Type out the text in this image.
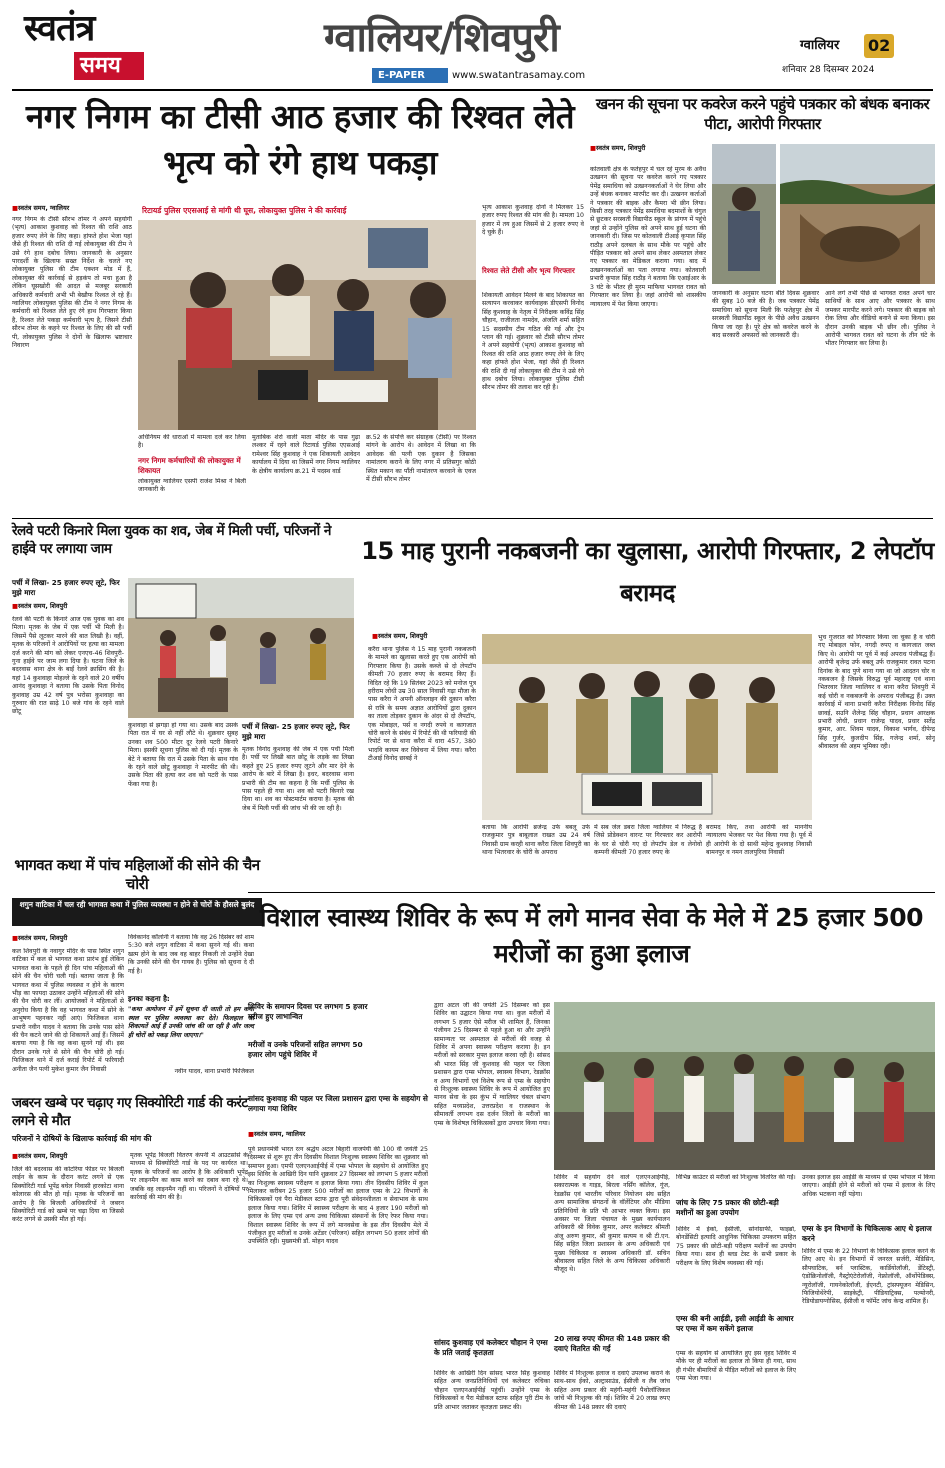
स्वतंत्र
समय
ग्वालियर/शिवपुरी
E-PAPER	www.swatantrasamay.com
ग्वालियर 02
शनिवार 28 दिसम्बर 2024
नगर निगम का टीसी आठ हजार की रिश्वत लेते भृत्य को रंगे हाथ पकड़ा
■ स्वतंत्र समय, ग्वालियर
नगर निगम के टीसी सौरभ तोमर ने अपने सहयोगी (भृत्य) आकाश कुशवाह को रिश्वत की राशि आठ हजार रुपए लेने के लिए कहा। हांफते होश भेजा यहां जैसे ही रिश्वत की राशि दी गई लोकायुक्त की टीम ने उसे रंगे हाथ दबोच लिया। जानकारी के अनुसार पारदर्शी के खिलाफ सख्त निर्देश के चलते नए लोकायुक्त पुलिस की टीम एक्शन मोड में हैं, लोकायुक्त की कार्रवाई से हड़कंप तो मचा हुआ है लेकिन घूसखोरी की आदत से मजबूर सरकारी अधिकारी कर्मचारी अभी भी बेखौफ रिश्वत ले रहे हैं। ग्वालियर लोकायुक्त पुलिस की टीम ने नगर निगम के कर्मचारी को रिश्वत लेते हुए रंगे हाथ गिरफ्तार किया है, रिश्वत लेते पकड़ा कर्मचारी भृत्य है, जिसने टीसी सौरभ तोमर के कहने पर रिश्वत के लिए की सौ पर्ची पी, लोकायुक्त पुलिस ने दोनों के खिलाफ भ्रष्टाचार निवारण
रिटायर्ड पुलिस एएसआई से मांगी थी घूस, लोकायुक्त पुलिस ने की कार्रवाई
अधिनियम की धाराओं में मामला दर्ज कर लिया है।
नगर निगम कर्मचारियों की लोकायुक्त में शिकायत
लोकायुक्त ग्वालियर एसपी राजेश मिश्रा ने बिली जानकारी के
मुताबिक शेरो वाली माता मंदिर के पास गुढ़ा लश्कर में रहने वाले रिटायर्ड पुलिस एएसआई रामेश्वर सिंह कुशवाह ने एक शिकायती आवेदन कार्यालय में दिया था जिसमें नगर निगम ग्वालियर के क्षेत्रीय कार्यालय क्र.21 में पदस्थ वार्ड
क्र.52 के संपत्ति कर संग्राहक (टीसी) पर रिश्वत मांगने के आरोप थे। आवेदन में लिखा था कि आवेदक की पत्नी एक दुकान है जिसका नामांतरण कराने के लिए नगर में प्रतिसगुर कोठी स्थित मकान का पाँती नामांतरण करवाने के एवज में टीसी सौरभ तोमर
भृत्य आकाश कुशवाह दोनों ने मिलकर 15 हजार रुपए रिश्वत की मांग की है। मामला 10 हजार में तय हुआ जिसमें से 2 हजार रुपए वे दे चुके हैं।
रिश्वत लेते टीसी और भृत्य गिरफ्तार
शिकायती आवेदन मिलने के बाद शिकायत का सत्यापन करवाकर कार्यवाहक डीएसपी विनोद सिंह कुशवाह के नेतृत्व में निरीक्षक कविंद्र सिंह चौहान, राजीलता नामदेव, अंजलि शर्मा सहित 15 सदस्यीय टीम गठित की गई और ट्रेप प्लान की गई। शुक्रवार को टीसी सौरभ तोमर ने अपने सहयोगी (भृत्य) आकाश कुशवाह को रिश्वत की राशि आठ हजार रुपए लेने के लिए कहा हांफते होश भेजा, यहां जैसे ही रिश्वत की राशि दी गई लोकायुक्त की टीम ने उसे रंगे हाथ दबोच लिया। लोकायुक्त पुलिस टीसी सौरभ तोमर की तलाश कर रही है।
खनन की सूचना पर कवरेज करने पहुंचे पत्रकार को बंधक बनाकर पीटा, आरोपी गिरफ्तार
■ स्वतंत्र समय, शिवपुरी
कोतवाली क्षेत्र के फतेहपुर में चल रहे मुरम के अवैध उत्खनन की सूचना पर कवरेज करने गए पत्रकार पेमेंद्र समाधिया को उत्खननकर्ताओं ने घेर लिया और उन्हें बंधक बनाकर मारपीट कर दी। उत्खनन कर्ताओं ने पत्रकार की बाइक और कैमरा भी छीन लिया। किसी तरह पत्रकार पेमेंद्र समाधिया बदमाशों के चंगुल से छूटकर सरस्वती विद्यापीठ स्कूल के प्रांगण में पहुंचे जहां से उन्होंने पुलिस को अपने साथ हुई घटना की जानकारी दी। जिस पर कोतवाली टीआई कृपाल सिंह राठौड़ अपने दलबल के साथ मौके पर पहुंचे और पीड़ित पत्रकार को अपने साथ लेकर अस्पताल लेकर गए पत्रकार का मेडिकल कराया गया। बाद में उत्खननकर्ताओं का पता लगाया गया। कोतवाली प्रभारी कृपाल सिंह राठौड़ ने बताया कि एआईआर के 3 घंटे के भीतर ही मुरम माफिया भागवत रावत को गिरफ्तार कर लिया है। जहां आरोपी को शासकीय न्यायालय में पेश किया जाएगा।
जानकारी के अनुसार घटना बीते दिवस शुक्रवार की सुबह 10 बजे की है। जब पत्रकार पेमेंद्र समाधिया को सूचना मिली कि फतेहपुर क्षेत्र में सरस्वती विद्यापीठ स्कूल के पीछे अवैध उत्खनन किया जा रहा है। पूरे क्षेत्र को कवरेज करने के बाद सरकारी अफसरों को जानकारी दी।
आने लगे तभी पीछे से भागवत रावत अपने चार साथियों के साथ आए और पत्रकार के साथ जमकर मारपीट करने लगे। पत्रकार की बाइक को रोक लिया और वीडियो बनाने से मना किया। इस दौरान उनकी बाइक भी छीन ली। पुलिस ने आरोपी भागवत रावत को घटना के तीन घंटे के भीतर गिरफ्तार कर लिया है।
रेलवे पटरी किनारे मिला युवक का शव, जेब में मिली पर्ची, परिजनों ने हाईवे पर लगाया जाम
पर्ची में लिखा- 25 हजार रुपए लूटे, फिर मुझे मारा
■ स्वतंत्र समय, शिवपुरी
रेलवे की पटरी के किनारे आज एक युवक का शव मिला। मृतक के जेब में एक पर्ची भी मिली है। जिसमें पैसे लूटकर मारने की बात लिखी है। वहीं, मृतक के परिजनों ने आरोपियों पर हत्या का मामला दर्ज करने की मांग को लेकर एनएच-46 शिवपुरी-गुना हाईवे पर जाम लगा दिया है। घटना जिले के बदरवास थाना क्षेत्र के बाईं रेलवे क्रासिंग की है। यहां 14 कुशवाहा मोहल्ले के रहने वाले 20 वर्षीय आनंद कुशवाहा ने बताया कि उसके पिता विनोद कुशवाह उम्र 42 वर्ष पुत्र भरोसा कुशवाहा का गुरुवार की रात साढ़े 10 बजे गांव के रहने वाले छोटू
कुशवाहा से झगड़ा हो गया था। उसके बाद उसके पिता रात में घर से नहीं लौटे थे। शुक्रवार सुबह उनका शव 500 मीटर दूर रेलवे पटरी किनारे मिला। इसकी सूचना पुलिस को दी गई। मृतक के बेटे ने बताया कि रात में उसके पिता के साथ गांव के रहने वाले छोटू कुशवाहा ने मारपीट की थी। उसके पिता की हत्या कर शव को पटरी के पास फेंका गया है।
पर्ची में लिखा- 25 हजार रुपए लूटे, फिर मुझे मारा
मृतक विनोद कुशवाह की जेब में एक पर्ची मिली है। पर्ची पर लिखी बात छोटू के लड़के का लिखा कहते हुए 25 हजार रुपए लूटने और मार देने के आरोप के बारे में लिखा है। इधर, बदरवास थाना प्रभारी की टीम का कहना है कि मर्ची पुलिस के पास पहले ही गया था। शव को पटरी किनारे रख दिया था। शव का पोस्टमार्टम कराया है। मृतक की जेब में मिली पर्ची की जांच भी की जा रही है।
भागवत कथा में पांच महिलाओं की सोने की चैन चोरी
शगुन वाटिका में चल रही भागवत कथा में पुलिस व्यवस्था न होने से चोरों के हौसले बुलंद
■ स्वतंत्र समय, शिवपुरी
कल शिवपुरी के नवागुर मंदिर के पास स्थित शगुन वाटिका में कल से भागवत कथा प्रारंभ हुई लेकिन भागवत कथा के पहले ही दिन पांच महिलाओं की सोने की चैन चोरी चली गई। बताया जाता है कि भागवत कथा में पुलिस व्यवस्था न होने के कारण भीड़ का फायदा उठाकर उन्होंने महिलाओं की सोने की चैन चोरी कर लीं। आयोजकों ने महिलाओं से अनुरोध किया है कि वह भागवत कथा में सोने के आभूषण पहनकर नहीं आएं। फिजिकल थाना प्रभारी नवीन यादव ने बताया कि उनके पास सोने की चैन कटने जाने की दो शिकायतें आई हैं। जिसमें बताया गया है कि वह कथा सुनने गई थी। इस दौरान उनके गले से सोने की चैन चोरी हो गई। फिजिकल थाने में दर्ज कराई रिपोर्ट में फरियादी अनीता जैन पत्नी मुकेश कुमार जैन निवासी
विवेकानंद कॉलोनी ने बताया कि वह 26 दिसंबर को शाम 5:30 बजे शगुन वाटिका में कथा सुनने गई थी। कथा खत्म होने के बाद जब वह बाहर निकली तो उन्होंने देखा कि उनकी सोने की चैन गायब है। पुलिस को सूचना दे दी गई है।
इनका कहना है:
"कथा आयोजन में हमें सूचना दी जाती तो हम कथा स्थल पर पुलिस व्यवस्था कर देते। फिलहाल जो शिकायतें आई हैं उनकी जांच की जा रही है और जल्द ही चोरों को पकड़ लिया जाएगा।"
नवीन यादव, थाना प्रभारी फिजिकल
जबरन खम्बे पर चढ़ाए गए सिक्योरिटी गार्ड की करंट लगने से मौत
परिजनों ने दोषियों के खिलाफ कार्रवाई की मांग की
■ स्वतंत्र समय, शिवपुरी
जिले की बदरवास की कोटरिया फीडर पर बिजली लाईन के काम के दौरान करंट लगने से एक सिक्योरिटी गार्ड भूपेंद्र बघेल निवासी हारकोटा थाना कोलारस की मौत हो गई। मृतक के परिजनों का आरोप है कि बिजली अधिकारियों ने जबरन सिक्योरिटी गार्ड को खम्बे पर चढ़ा दिया था जिससे करंट लगने से उसकी मौत हो गई।
मृतक भूपेंद्र बिजली वितरण कंपनी में आउटसोर्स के माध्यम से सिक्योरिटी गार्ड के पद पर कार्यरत था। मृतक के परिजनों का आरोप है कि अधिकारी भूपेंद्र पर लाइनमैन का काम करने का दबाव बना रहे थे। जबकि वह लाइनमैन नहीं था। परिजनों ने दोषियों पर कार्रवाई की मांग की है।
15 माह पुरानी नकबजनी का खुलासा, आरोपी गिरफ्तार, 2 लेपटॉप बरामद
■ स्वतंत्र समय, शिवपुरी
करैरा थाना पुलिस ने 15 माह पुरानी नकबजनी के मामले का खुलासा करते हुए एक आरोपी को गिरफ्तार किया है। उसके कब्जे से दो लेपटॉप कीमती 70 हजार रुपए के बरामद किए हैं। विदित रहे कि 19 सितंबर 2023 को मनोज पुत्र हरीराम लोधी उम्र 30 साल निवासी गढ़ा मौजा के पास करैरा ने अपनी ऑनलाइन की दुकान करैरा से रात्रि के समय अज्ञात आरोपियों द्वारा दुकान का ताला तोड़कर दुकान के अंदर से दो लैपटॉप, एक मोबाइल, पर्स व नगदी रुपये व कागजात चोरी करने के संबंध में रिपोर्ट की थी फरियादी की रिपोर्ट पर से थाना करैरा में धारा 457, 380 भादवि कायम कर विवेचना में लिया गया। करैरा टीआई विनोद छाबई ने
बताया कि आरोपी ब्रजेन्द्र उर्फ बबलू उर्फ राजकुमार पुत्र बाबूलाल राखत उम्र 24 वर्ष निवासी ग्राम करही थाना करैरा जिला शिवपुरी का थाना भितरवार के चोरी के अपराध
में सब जेल डबरा जिला ग्वालियर में निरुद्ध है जिसे प्रोडेक्शन वारन्ट पर गिरफ्तार कर आरोपी के घर से चोरी गए दो लेपटॉप डेल व लेनोवो कम्पनी कीमती 70 हजार रुपए के
बरामद किए, तथा आरोपी को माननीय न्यायालय भेजकर पर पेश किया गया है। पूर्व में ही आरोपी के दो साथी महेन्द्र कुशवाह निवासी बामनपुर व नमन तालपुरिया निवासी
भुच गुजरात को गिरफ्तार किया जा चुका है व चोरी गए मोबाइल फोन, नगदी रुपए व कागजात जब्त किए थे। आरोपी पर पूर्व में कई अपराध पंजीबद्ध हैं। आरोपी बृजेन्द्र उर्फ बबलू उर्फ राजकुमार रावत पटना दिनांक के बाद पुणे थाना गया था जो आदतन चोर व नकबजन है जिसके विरुद्ध पूर्व महाराष्ट्र एवं थाना भितरवार जिला ग्वालियर व थाना करैरा शिवपुरी में कई चोरी व नकबजनी के अपराध पंजीबद्ध हैं। उक्त कार्रवाई में थाना प्रभारी करैरा निरीक्षक विनोद सिंह छावई, सउनि शैलेन्द्र सिंह चौहान, प्रधान आरक्षक प्रभारी लोधी, प्रधान राजेन्द्र यादव, प्रधार सतेंद्र कुमार, आर. शिवम यादव, विकाश भार्गव, दीपेन्द्र सिंह गुर्जर, कुलदीप सिंह, गजेन्द्र शर्मा, सोनू श्रीवास्तव की अहम भूमिका रही।
विशाल स्वास्थ्य शिविर के रूप में लगे मानव सेवा के मेले में 25 हजार 500 मरीजों का हुआ इलाज
शिविर के समापन दिवस पर लगभग 5 हजार मरीज हुए लाभान्वित
मरीजों व उनके परिजनों सहित लगभग 50 हजार लोग पहुंचे शिविर में
सांसद कुशवाह की पहल पर जिला प्रशासन द्वारा एम्स के सहयोग से लगाया गया शिविर
■ स्वतंत्र समय, ग्वालियर
पूर्व प्रधानमंत्री भारत रत्न श्रद्धेय अटल बिहारी वाजपेयी की 100 वीं जयंती 25 दिसम्बर से शुरू हुए तीन दिवसीय विशाल निःशुल्क स्वास्थ्य शिविर का शुक्रवार को समापन हुआ। एमपी एलएनआईपीई में एम्स भोपाल के सहयोग से आयोजित हुए इस शिविर के आखिरी दिन यानि शुक्रवार 27 दिसम्बर को लगभग 5 हजार मरीजों का निःशुल्क स्वास्थ्य परीक्षण व इलाज किया गया। तीन दिवसीय शिविर में कुल मिलाकर करीबन 25 हजार 500 मरीजों का इलाज एम्स के 22 विभागों के चिकित्सकों एवं पैरा मेडीकल स्टाफ द्वारा पूरी संवेदनशीलता व सेवाभाव के साथ इलाज किया गया। शिविर में स्वास्थ्य परीक्षण के बाद 4 हजार 190 मरीजों को इलाज के लिए एम्स एवं अन्य उच्च चिकित्सा संस्थानों के लिए रेफर किया गया। विशाल स्वास्थ्य शिविर के रूप में लगे मानवसेवा के इस तीन दिवसीय मेले में पंजीकृत हुए मरीजों व उनके अटेंडर (परिजन) सहित लगभग 50 हजार लोगों की उपस्थिति रही। मुख्यमंत्री डॉ. मोहन यादव
द्वारा अटल जी की जयंती 25 दिसम्बर को इस शिविर का उद्घाटन किया गया था। कुल मरीजों में लगभग 5 हजार ऐसे मरीज भी शामिल हैं, जिनका पंजीयन 25 दिसम्बर से पहले हुआ था और उन्होंने सामान्यतः पर अस्पताल से मरीजों की वजह से शिविर में अपना स्वास्थ्य परीक्षण कराया है। इन मरीजों को सरकार मुफ्त इलाज करवा रही है। सांसद श्री भारत सिंह जी कुशवाह की पहल पर जिला प्रशासन द्वारा एम्स भोपाल, स्वास्थ्य विभाग, रेडक्रॉस व अन्य विभागों एवं विशेष रूप से एम्स के सहयोग से निःशुल्क स्वास्थ्य शिविर के रूप में आयोजित हुए मानव सेवा के इस कुंभ में ग्वालियर चंबल संभाग सहित मध्यप्रदेश, उत्तरप्रदेश व राजस्थान के सीमावर्ती लगभग दस दर्जन जिलों के मरीजों का एम्स के विशेषज्ञ चिकित्सकों द्वारा उपचार किया गया।
सांसद कुशवाह एवं कलेक्टर चौहान ने एम्स के प्रति जताई कृतज्ञता
शिविर के आखिरी दिन सांसद भारत सिंह कुशवाह सहित अन्य जनप्रतिनिधियों एवं कलेक्टर रुचिका चौहान एलएनआईपीई पहुंचीं। उन्होंने एम्स के चिकित्सकों व पैरा मेडीकल स्टाफ सहित पूरी टीम के प्रति आभार जताकर कृतज्ञता प्रकट की।
शिविर में सहयोग देने वाले एलएनआईपीई, सकारात्मक व गाइड, बिरला नर्सिंग कॉलेज, गूंज, रेडक्रॉस एवं भारतीय परिवार नियोजन संघ सहित अन्य सामाजिक संगठनों के वॉलेंटियर और मीडिया प्रतिनिधियों के प्रति भी आभार व्यक्त किया। इस अवसर पर जिला पंचायत के मुख्य कार्यपालन अधिकारी श्री विवेक कुमार, अपर कलेक्टर श्रीमती अंजू अरुण कुमार, श्री कुमार सत्यम व श्री टी.एन. सिंह सहित जिला प्रशासन के अन्य अधिकारी एवं मुख्य चिकित्सा व स्वास्थ्य अधिकारी डॉ. सचिन श्रीवास्तव सहित जिले के अन्य चिकित्सा अधिकारी मौजूद थे।
20 लाख रुपए कीमत की 148 प्रकार की दवाएं वितरित की गईं
शिविर में निःशुल्क इलाज व दवाएं उपलब्ध कराने के साथ-साथ ईको, अल्ट्रासाउंड, ईसीजी व लैब जांच सहित अन्य प्रकार की महंगी-महंगी पैथोलॉजिकल जांचें भी निःशुल्क की गई। शिविर में 20 लाख रुपए कीमत की 148 प्रकार की दवाएं
विभिन्न काउंटर से मरीजों को निःशुल्क वितरित की गईं।
जांच के लिए 75 प्रकार की छोटी-बड़ी मशीनों का हुआ उपयोग
शिविर में ईको, ईसीजी, सोनोग्राफी, फाइब्रो, बोनडेंसिटी इत्यादि आधुनिक चिकित्सा उपकरण सहित 75 प्रकार की छोटी-बड़ी परीक्षण मशीनों का उपयोग किया गया। साथ ही ब्लड टेस्ट के सभी प्रकार के परीक्षण के लिए विशेष व्यवस्था की गई।
एम्स की बनी आईडी, इसी आईडी के आधार पर एम्स में कम सकेंगे इलाज
एम्स के सहयोग से आयोजित हुए इस वृहद शिविर में मौके पर ही मरीजों का इलाज तो किया ही गया, साथ ही गंभीर बीमारियों से पीड़ित मरीजों को इलाज के लिए एम्स भेजा गया।
उनका इलाज इस आईडी के माध्यम से एम्स भोपाल में किया जाएगा। आईडी होने से मरीजों को एम्स में इलाज के लिए अधिक भटकना नहीं पड़ेगा।
एम्स के इन विभागों के चिकित्सक आए थे इलाज करने
शिविर में एम्स के 22 विभागों के चिकित्सक इलाज करने के लिए आए थे। इन विभागों में जनरल सर्जरी, मेडिसिन, सौपघाटिक, बर्न प्लास्टिक, कार्डियोलॉजी, डेंटिस्ट्री, एंडोक्रिनोलॉजी, गैस्ट्रोएंटेरोलॉजी, नेफ्रोलॉजी, ऑर्थोपेडिक्स, न्यूरोलॉजी, गायनेकोलॉजी, ईएनटी, ट्रांसफ्यूजन मेडिसिन, फिजियोथेरेपी, साइकेट्री, पीडियाट्रिक्स, पल्मोनरी, रेडियोडायग्नोसिस, ईसीजी व फॉर्मेट जांच केन्द्र शामिल हैं।
